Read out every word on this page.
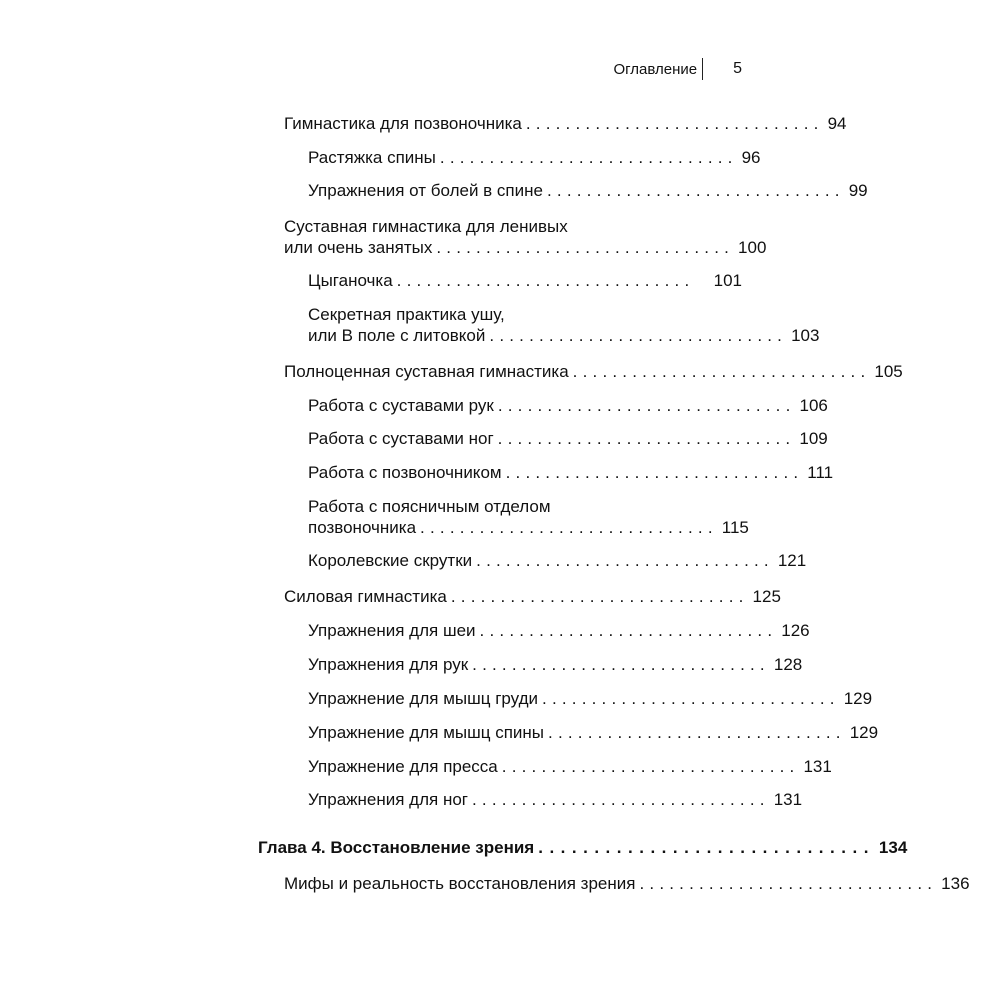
Оглавление 5
Гимнастика для позвоночника .............................. 94
Растяжка спины .............................. 96
Упражнения от болей в спине .............................. 99
Суставная гимнастика для ленивых
или очень занятых .............................. 100
Цыганочка ..............................	101
Секретная практика ушу,
или В поле с литовкой .............................. 103
Полноценная суставная гимнастика .............................. 105
Работа с суставами рук .............................. 106
Работа с суставами ног .............................. 109
Работа с позвоночником .............................. 111
Работа с поясничным отделом
позвоночника .............................. 115
Королевские скрутки .............................. 121
Силовая гимнастика .............................. 125
Упражнения для шеи .............................. 126
Упражнения для рук .............................. 128
Упражнение для мышц груди .............................. 129
Упражнение для мышц спины .............................. 129
Упражнение для пресса .............................. 131
Упражнения для ног .............................. 131
Глава 4. Восстановление зрения .............................. 134
Мифы и реальность восстановления зрения .............................. 136
